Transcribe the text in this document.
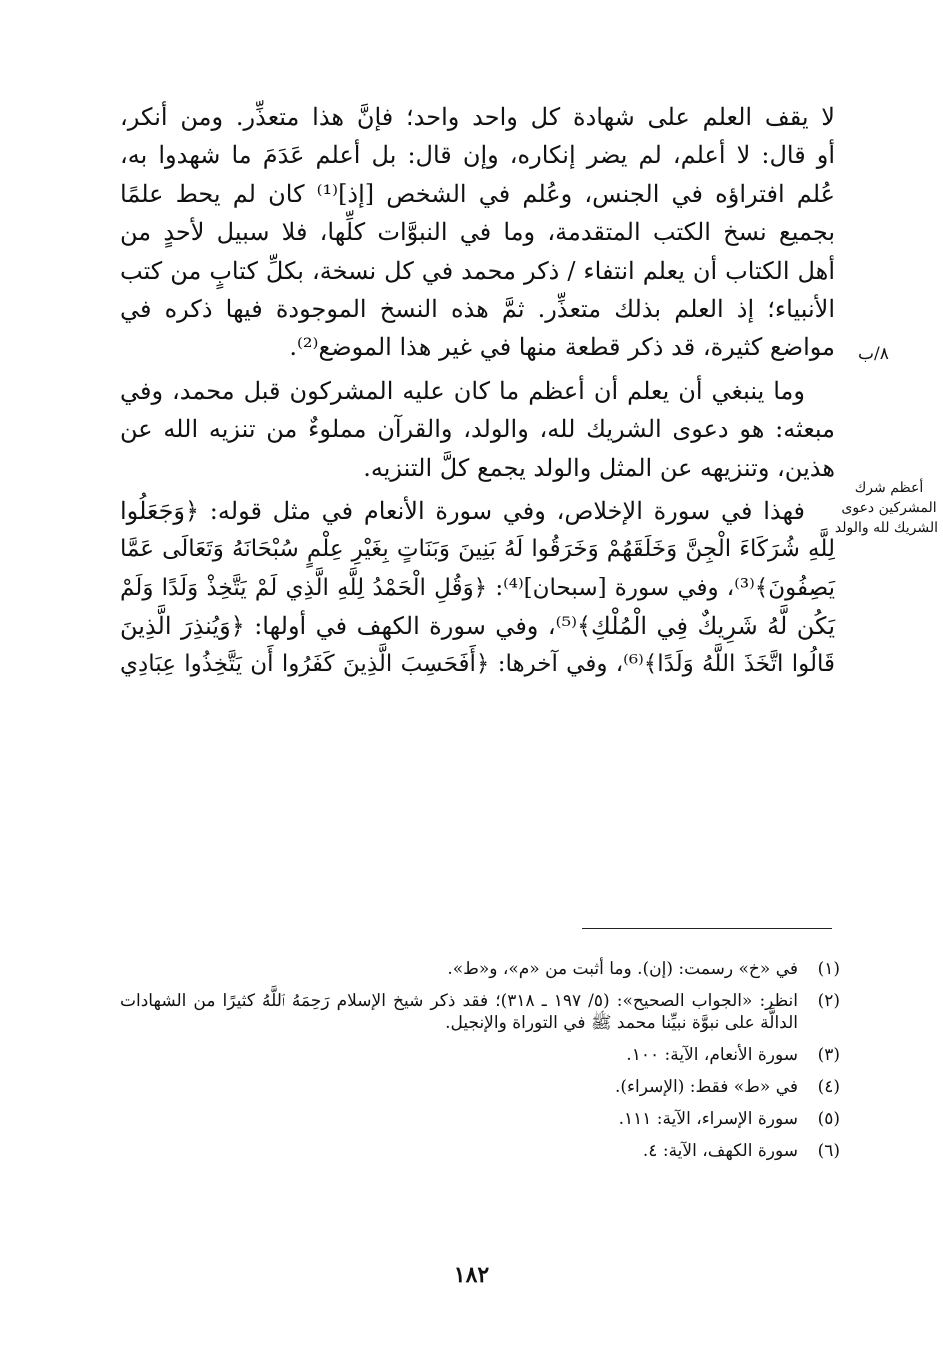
لا يقف العلم على شهادة كل واحد واحد؛ فإنَّ هذا متعذِّر. ومن أنكر،
أو قال: لا أعلم، لم يضر إنكاره، وإن قال: بل أعلم عَدَمَ ما شهدوا به،
عُلم افتراؤه في الجنس، وعُلم في الشخص [إذ]⁽¹⁾ كان لم يحط علمًا
بجميع نسخ الكتب المتقدمة، وما في النبوَّات كلِّها، فلا سبيل لأحدٍ من
أهل الكتاب أن يعلم انتفاء / ذكر محمد في كل نسخة، بكلِّ كتابٍ من كتب
الأنبياء؛ إذ العلم بذلك متعذِّر. ثمَّ هذه النسخ الموجودة فيها ذكره في
مواضع كثيرة، قد ذكر قطعة منها في غير هذا الموضع⁽²⁾.
وما ينبغي أن يعلم أن أعظم ما كان عليه المشركون قبل محمد، وفي
مبعثه: هو دعوى الشريك لله، والولد، والقرآن مملوءٌ من تنزيه الله عن
هذين، وتنزيهه عن المثل والولد يجمع كلَّ التنزيه.
فهذا في سورة الإخلاص، وفي سورة الأنعام في مثل قوله: ﴿وَجَعَلُوا
لِلَّهِ شُرَكَاءَ الْجِنَّ وَخَلَقَهُمْ وَخَرَقُوا لَهُ بَنِينَ وَبَنَاتٍ بِغَيْرِ عِلْمٍ سُبْحَانَهُ وَتَعَالَى عَمَّا
يَصِفُونَ﴾⁽³⁾، وفي سورة [سبحان]⁽⁴⁾: ﴿وَقُلِ الْحَمْدُ لِلَّهِ الَّذِي لَمْ يَتَّخِذْ وَلَدًا وَلَمْ
يَكُن لَّهُ شَرِيكٌ فِي الْمُلْكِ﴾⁽⁵⁾، وفي سورة الكهف في أولها: ﴿وَيُنذِرَ الَّذِينَ
قَالُوا اتَّخَذَ اللَّهُ وَلَدًا﴾⁽⁶⁾، وفي آخرها: ﴿أَفَحَسِبَ الَّذِينَ كَفَرُوا أَن يَتَّخِذُوا عِبَادِي
٨/ب
أعظم شرك
المشركين دعوى
الشريك لله والولد
(١)
في «خ» رسمت: (إن). وما أثبت من «م»، و«ط».
(٢)
انظر: «الجواب الصحيح»: (٥/ ١٩٧ ـ ٣١٨)؛ فقد ذكر شيخ الإسلام رَحِمَهُ ٱللَّهُ كثيرًا من الشهادات الدالَّة على نبوَّة نبيِّنا محمد ﷺ في التوراة والإنجيل.
(٣)
سورة الأنعام، الآية: ١٠٠.
(٤)
في «ط» فقط: (الإسراء).
(٥)
سورة الإسراء، الآية: ١١١.
(٦)
سورة الكهف، الآية: ٤.
١٨٢
